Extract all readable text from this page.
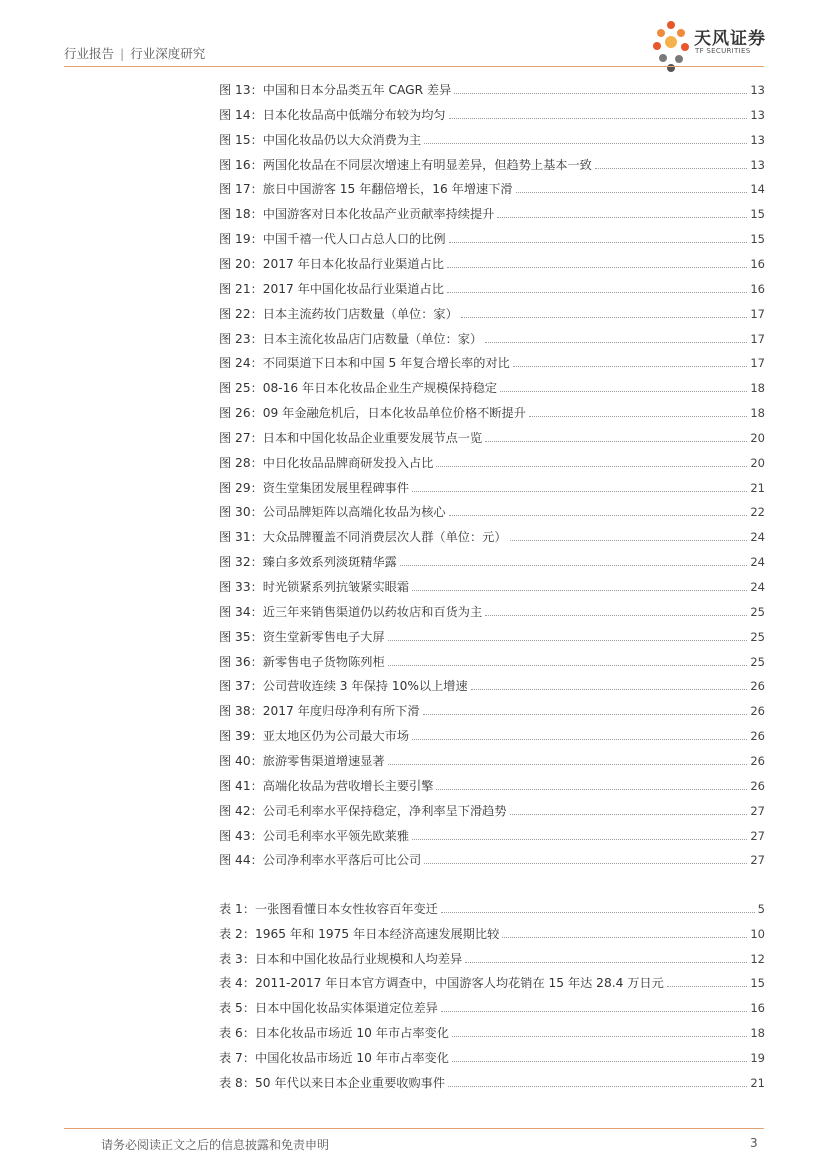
行业报告 | 行业深度研究
天风证券
TF SECURITIES
图 13：中国和日本分品类五年 CAGR 差异	13
图 14：日本化妆品高中低端分布较为均匀	13
图 15：中国化妆品仍以大众消费为主	13
图 16：两国化妆品在不同层次增速上有明显差异，但趋势上基本一致	13
图 17：旅日中国游客 15 年翻倍增长，16 年增速下滑	14
图 18：中国游客对日本化妆品产业贡献率持续提升	15
图 19：中国千禧一代人口占总人口的比例	15
图 20：2017 年日本化妆品行业渠道占比	16
图 21：2017 年中国化妆品行业渠道占比	16
图 22：日本主流药妆门店数量（单位：家）	17
图 23：日本主流化妆品店门店数量（单位：家）	17
图 24：不同渠道下日本和中国 5 年复合增长率的对比	17
图 25：08-16 年日本化妆品企业生产规模保持稳定	18
图 26：09 年金融危机后，日本化妆品单位价格不断提升	18
图 27：日本和中国化妆品企业重要发展节点一览	20
图 28：中日化妆品品牌商研发投入占比	20
图 29：资生堂集团发展里程碑事件	21
图 30：公司品牌矩阵以高端化妆品为核心	22
图 31：大众品牌覆盖不同消费层次人群（单位：元）	24
图 32：臻白多效系列淡斑精华露	24
图 33：时光锁紧系列抗皱紧实眼霜	24
图 34：近三年来销售渠道仍以药妆店和百货为主	25
图 35：资生堂新零售电子大屏	25
图 36：新零售电子货物陈列柜	25
图 37：公司营收连续 3 年保持 10%以上增速	26
图 38：2017 年度归母净利有所下滑	26
图 39：亚太地区仍为公司最大市场	26
图 40：旅游零售渠道增速显著	26
图 41：高端化妆品为营收增长主要引擎	26
图 42：公司毛利率水平保持稳定，净利率呈下滑趋势	27
图 43：公司毛利率水平领先欧莱雅	27
图 44：公司净利率水平落后可比公司	27
表 1：一张图看懂日本女性妆容百年变迁	5
表 2：1965 年和 1975 年日本经济高速发展期比较	10
表 3：日本和中国化妆品行业规模和人均差异	12
表 4：2011-2017 年日本官方调查中，中国游客人均花销在 15 年达 28.4 万日元	15
表 5：日本中国化妆品实体渠道定位差异	16
表 6：日本化妆品市场近 10 年市占率变化	18
表 7：中国化妆品市场近 10 年市占率变化	19
表 8：50 年代以来日本企业重要收购事件	21
请务必阅读正文之后的信息披露和免责申明	3
